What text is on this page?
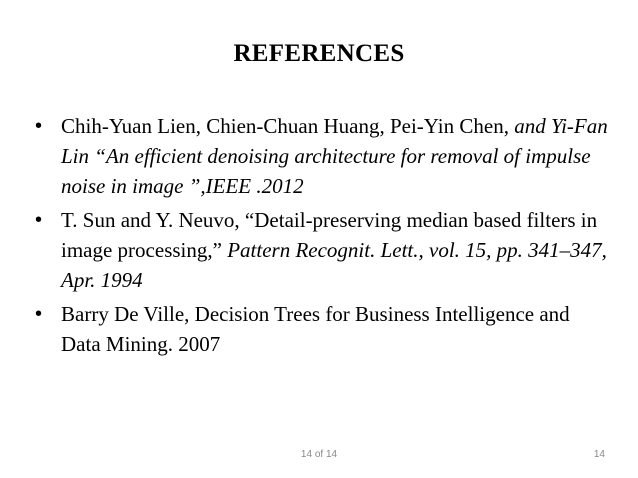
REFERENCES
• Chih-Yuan Lien, Chien-Chuan Huang, Pei-Yin Chen, and Yi-Fan Lin “An efficient denoising architecture for removal of impulse noise in image ”,IEEE .2012
• T. Sun and Y. Neuvo, “Detail-preserving median based filters in image processing,” Pattern Recognit. Lett., vol. 15, pp. 341–347, Apr. 1994
• Barry De Ville, Decision Trees for Business Intelligence and Data Mining. 2007
14 of 14	14
